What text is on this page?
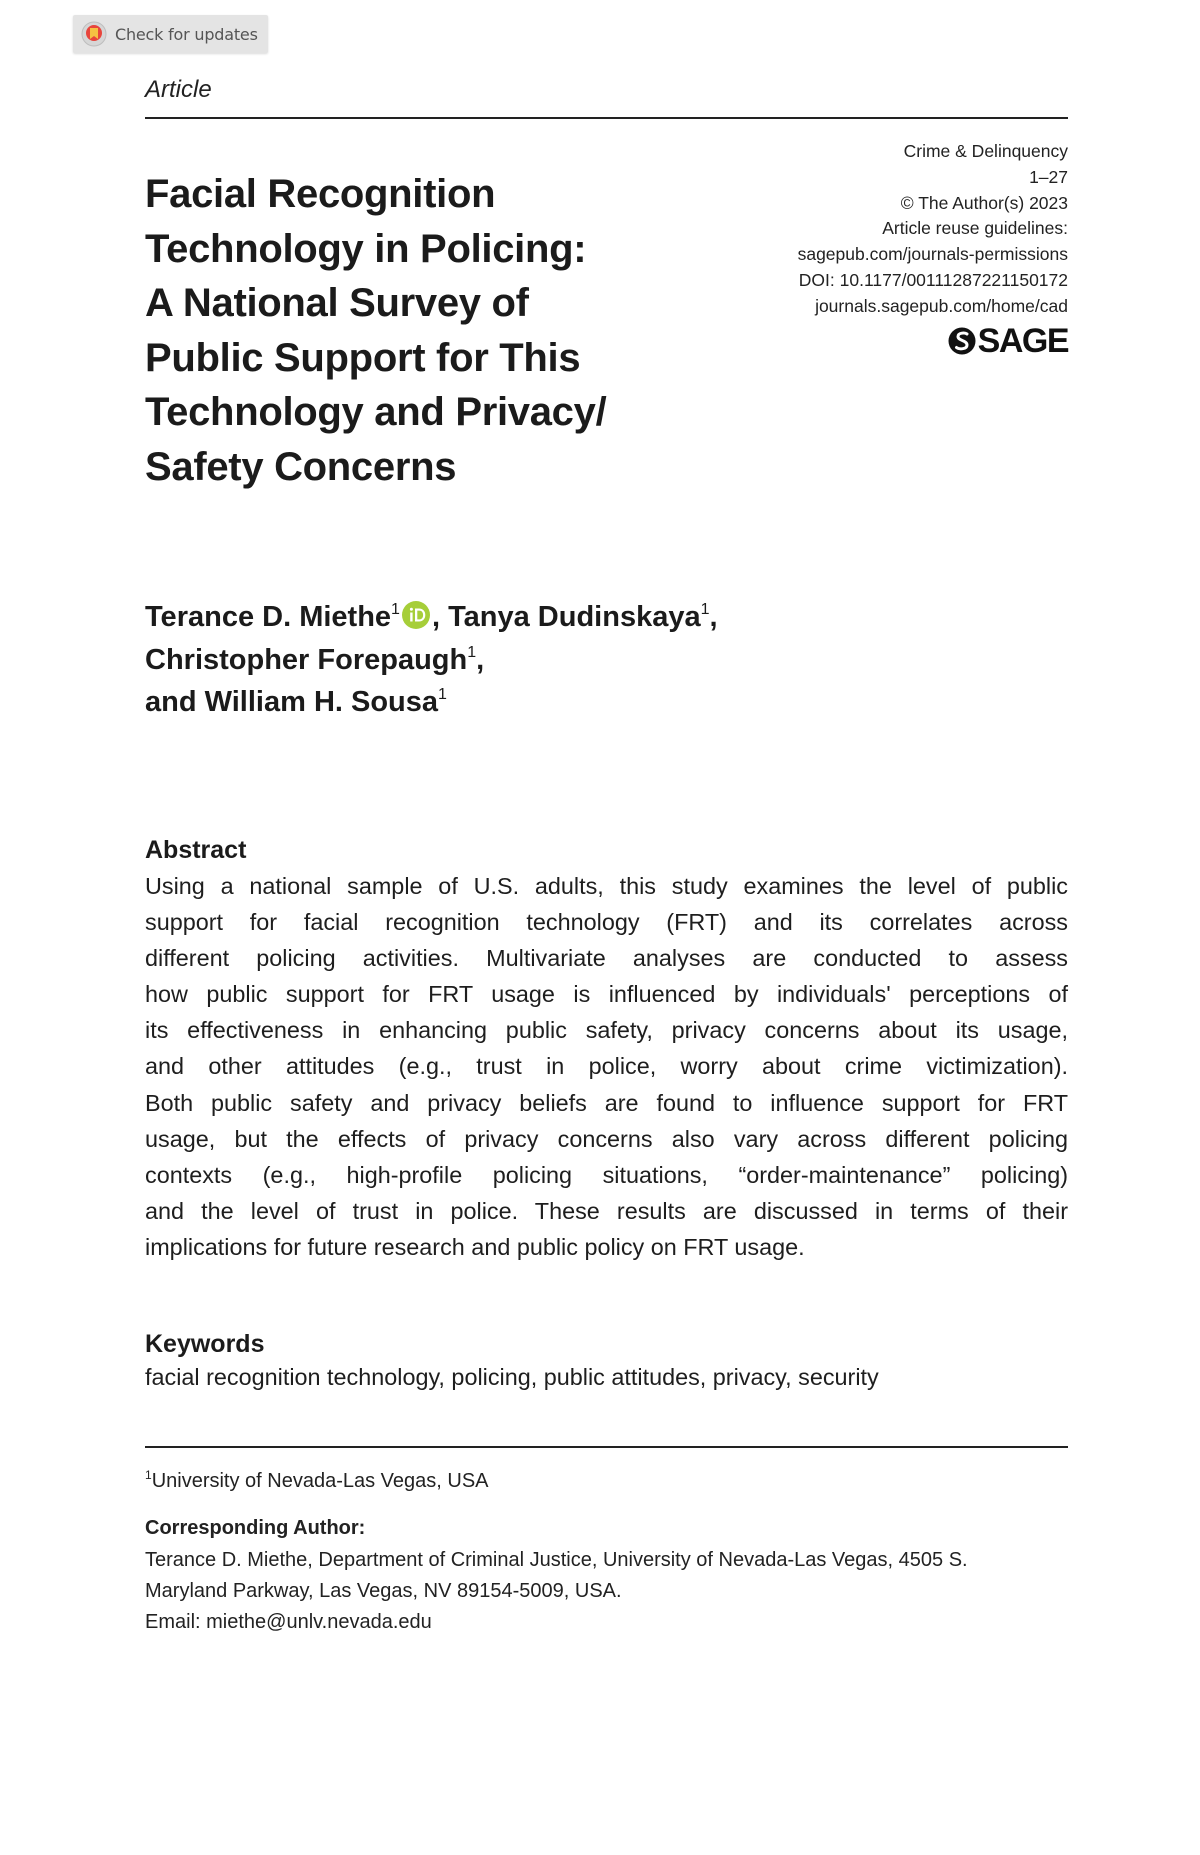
Check for updates
Article
Crime & Delinquency
1–27
© The Author(s) 2023
Article reuse guidelines:
sagepub.com/journals-permissions
DOI: 10.1177/00111287221150172
journals.sagepub.com/home/cad
SAGE
Facial Recognition
Technology in Policing:
A National Survey of
Public Support for This
Technology and Privacy/
Safety Concerns
Terance D. Miethe$^1$ , Tanya Dudinskaya$^1$,
Christopher Forepaugh$^1$,
and William H. Sousa$^1$
Abstract
Using a national sample of U.S. adults, this study examines the level of public
support for facial recognition technology (FRT) and its correlates across
different policing activities. Multivariate analyses are conducted to assess
how public support for FRT usage is influenced by individuals' perceptions of
its effectiveness in enhancing public safety, privacy concerns about its usage,
and other attitudes (e.g., trust in police, worry about crime victimization).
Both public safety and privacy beliefs are found to influence support for FRT
usage, but the effects of privacy concerns also vary across different policing
contexts (e.g., high-profile policing situations, “order-maintenance” policing)
and the level of trust in police. These results are discussed in terms of their
implications for future research and public policy on FRT usage.
Keywords
facial recognition technology, policing, public attitudes, privacy, security
$^1$University of Nevada-Las Vegas, USA
Corresponding Author:
Terance D. Miethe, Department of Criminal Justice, University of Nevada-Las Vegas, 4505 S.
Maryland Parkway, Las Vegas, NV 89154-5009, USA.
Email: miethe@unlv.nevada.edu
